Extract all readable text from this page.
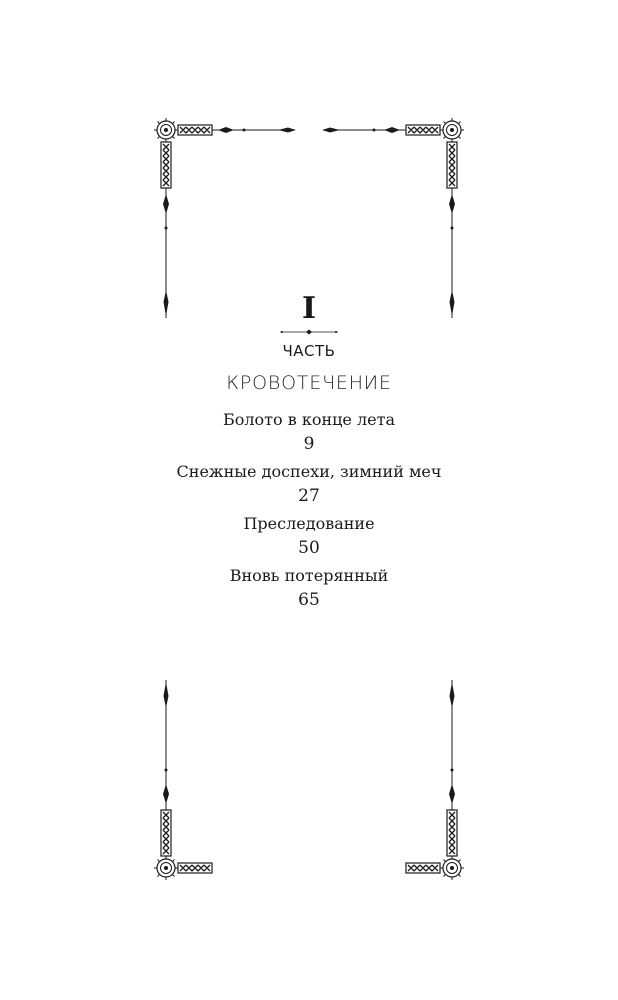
I
ЧАСТЬ
КРОВОТЕЧЕНИЕ
Болото в конце лета
9
Снежные доспехи, зимний меч
27
Преследование
50
Вновь потерянный
65
